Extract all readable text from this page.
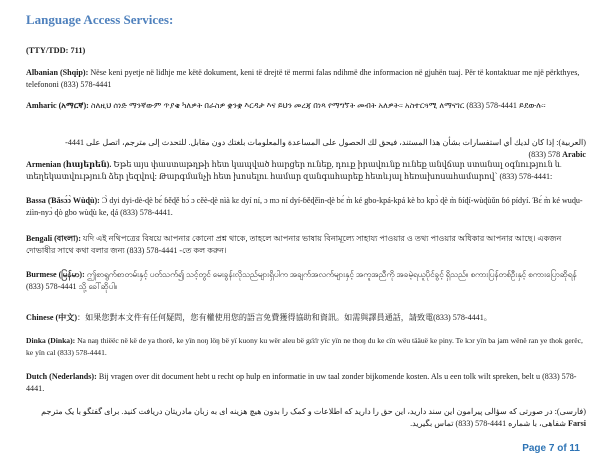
Language Access Services:
(TTY/TDD: 711)
Albanian (Shqip): Nëse keni pyetje në lidhje me këtë dokument, keni të drejtë të merrni falas ndihmë dhe informacion në gjuhën tuaj. Për të kontaktuar me një përkthyes, telefononi (833) 578-4441
Amharic (አማርኛ): ስለዚህ ሰነድ ማንኛውም ጥያቄ ካለዎት በራስዎ ቋንቋ እርዳታ እና ይህን መረጃ በነጻ የማግኘት መብት አለዎት። አስተርጓሚ ለማናገር (833) 578-4441 ይደውሉ።
(العربية): إذا كان لديك أي استفسارات بشأن هذا المستند، فيحق لك الحصول على المساعدة والمعلومات بلغتك دون مقابل. للتحدث إلى مترجم، اتصل على 4441-578 (833) Arabic
Armenian (հայերեն). Եթե այս փաստաթղթի հետ կապված հարցեր ունեք, դուք իրավունք ունեք անվճար ստանալ օգնություն և տեղեկատվություն ձեր լեզվով: Թարգմանչի հետ խոսելու համար զանգահարեք հետևյալ հեռախոսահամարով՝ (833) 578-4441:
Bassa (Ɓǎsɔ́ɔ̀ Wùɖù): Ɔ̀ dyi dyi-dè-ɖè bɛ́ ɓěɖě bɔ́ ɔ cěè-ɖè nìà kɛ dyí ní, ɔ mɔ ní dyí-ɓěɖěìn-ɖè bɛ́ m̀ ké gbo-kpá-kpá kè bɔ kpɔ̀ ɖè m̀ ɓíɖí-wùɖùǔn ɓó pídyí. Ɓɛ́ m̀ ké wuɖu-ziìn-nyɔ̀ ɖò gbo wùɖù ke, ɖá (833) 578-4441.
Bengali (বাংলা): যদি এই নথিপত্রের বিষয়ে আপনার কোনো প্রশ্ন থাকে, তাহলে আপনার ভাষায় বিনামূল্যে সাহায্য পাওয়ার ও তথ্য পাওয়ার অধিকার আপনার আছে। একজন দোভাষীর সাথে কথা বলার জন্য (833) 578-4441 -তে কল করুন।
Burmese (မြန်မာ): ဤစာရွက်စာတမ်းနှင့် ပတ်သက်၍ သင့်တွင် မေးခွန်းလိုသည်များရှိပါက အချက်အလက်များနှင့် အကူအညီကို အခမဲ့ရယူပိုင်ခွင့် ရှိသည်။ စကားပြန်တစ်ဦးနှင့် စကားပြောဆိုရန် (833) 578-4441 သို့ ခေါ်ဆိုပါ။
Chinese (中文)：如果您對本文件有任何疑問，您有權使用您的語言免費獲得協助和資訊。如需與譯員通話，請致電(833) 578-4441。
Dinka (Dinka): Na naŋ thiëëc në kë de ya thorë, ke yïn noŋ löŋ bë yï kuony ku wër aleu bë gɛ̈ɛ̈r yïc yïn ne thoŋ du ke cïn wëu tääuë ke piny. Te kɔr yïn ba jam wënë ran ye thok gerëc, ke yïn cal (833) 578-4441.
Dutch (Nederlands): Bij vragen over dit document hebt u recht op hulp en informatie in uw taal zonder bijkomende kosten. Als u een tolk wilt spreken, belt u (833) 578-4441.
(فارسی): در صورتی که سؤالی پیرامون این سند دارید، این حق را دارید که اطلاعات و کمک را بدون هیچ هزینه ای به زبان مادریتان دریافت کنید. برای گفتگو با یک مترجم شفاهی، با شماره 4441-578 (833) تماس بگیرید. Farsi
Page 7 of 11
